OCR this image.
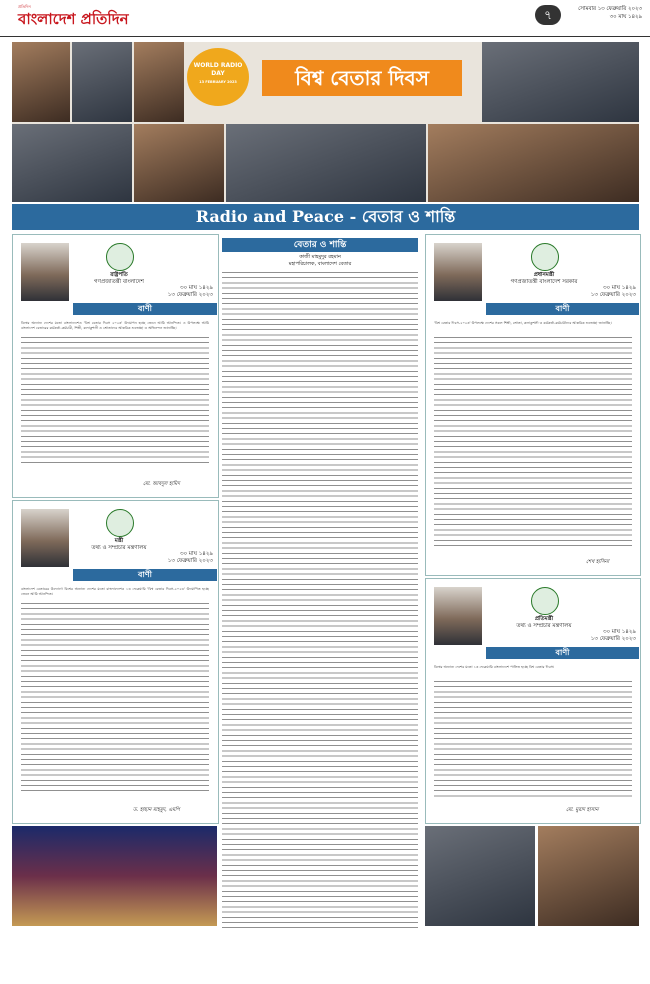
প্রতিদিন
বাংলাদেশ প্রতিদিন	৭	সোমবার ১৩ ফেব্রুয়ারি ২০২৩
৩০ মাঘ ১৪২৯
WORLD RADIO DAY
13 FEBRUARY 2023	বিশ্ব বেতার দিবস
Radio and Peace - বেতার ও শান্তি
রাষ্ট্রপতি
গণপ্রজাতন্ত্রী বাংলাদেশ
৩০ মাঘ ১৪২৯
১৩ ফেব্রুয়ারি ২০২৩
বাণী
বিশ্বের অন্যান্য দেশের মতো বাংলাদেশেও 'বিশ্ব বেতার দিবস ২০২৩' উদযাপন হচ্ছে জেনে আমি আনন্দিত। এ উপলক্ষে আমি বাংলাদেশ বেতারের কর্মকর্তা-কর্মচারী, শিল্পী, কলাকুশলী ও শ্রোতাদের আন্তরিক শুভেচ্ছা ও অভিনন্দন জানাচ্ছি।
মো. আবদুল হামিদ
মন্ত্রী
তথ্য ও সম্প্রচার মন্ত্রণালয়
৩০ মাঘ ১৪২৯
১৩ ফেব্রুয়ারি ২০২৩
বাণী
বাংলাদেশ বেতারের উদ্যোগে বিশ্বের অন্যান্য দেশের মতো বাংলাদেশেও ১৩ ফেব্রুয়ারি 'বিশ্ব বেতার দিবস-২০২৩' উদযাপিত হচ্ছে জেনে আমি আনন্দিত।
ড. হাছান মাহমুদ, এমপি
বেতার ও শান্তি
কাজী মাহমুদুর রহমান
মহাপরিচালক, বাংলাদেশ বেতার
প্রধানমন্ত্রী
গণপ্রজাতন্ত্রী বাংলাদেশ সরকার
৩০ মাঘ ১৪২৯
১৩ ফেব্রুয়ারি ২০২৩
বাণী
'বিশ্ব বেতার দিবস-২০২৩' উপলক্ষে দেশের সকল শিল্পী, শ্রোতা, কলাকুশলী ও কর্মকর্তা-কর্মচারীদের আন্তরিক শুভেচ্ছা জানাচ্ছি।
শেখ হাসিনা
প্রতিমন্ত্রী
তথ্য ও সম্প্রচার মন্ত্রণালয়
৩০ মাঘ ১৪২৯
১৩ ফেব্রুয়ারি ২০২৩
বাণী
বিশ্বের অন্যান্য দেশের মতো ১৩ ফেব্রুয়ারি বাংলাদেশে পালিত হচ্ছে বিশ্ব বেতার দিবস।
মো. মুরাদ হাসান
